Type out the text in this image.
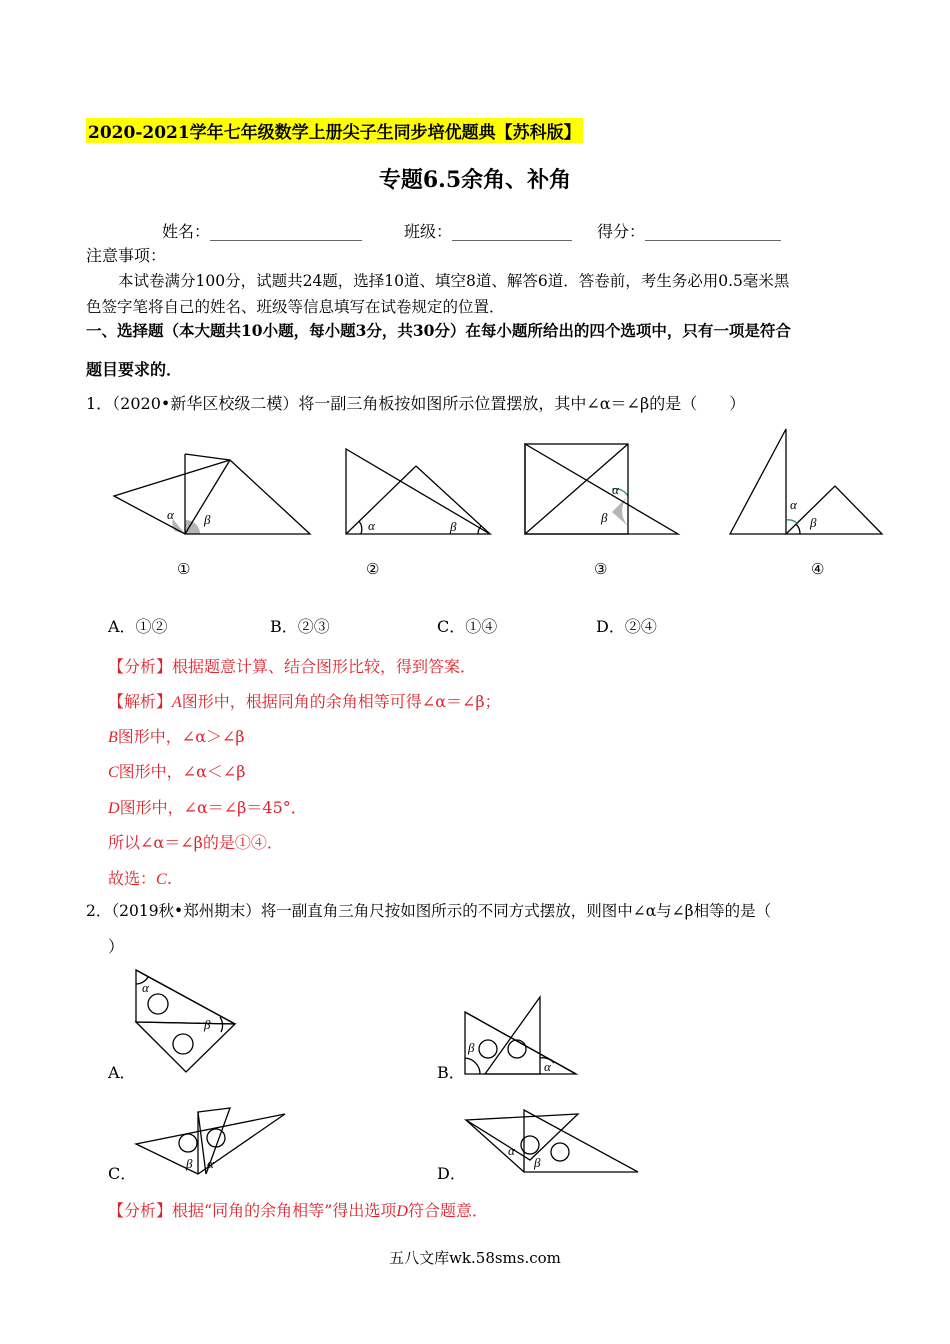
2020-2021学年七年级数学上册尖子生同步培优题典【苏科版】
专题6.5余角、补角
姓名：___________________	班级：_______________ 得分：_________________
注意事项：
本试卷满分100分，试题共24题，选择10道、填空8道、解答6道．答卷前，考生务必用0.5毫米黑
色签字笔将自己的姓名、班级等信息填写在试卷规定的位置．
一、选择题（本大题共10小题，每小题3分，共30分）在每小题所给出的四个选项中，只有一项是符合
题目要求的．
1．（2020•新华区校级二模）将一副三角板按如图所示位置摆放，其中∠α＝∠β的是（　　）
α β	α	β
α
β
α
β
①	②	③	④
A．①②	B．②③	C．①④	D．②④
【分析】根据题意计算、结合图形比较，得到答案．
【解析】A图形中，根据同角的余角相等可得∠α＝∠β；
B图形中，∠α＞∠β
C图形中，∠α＜∠β
D图形中，∠α＝∠β＝45°．
所以∠α＝∠β的是①④．
故选：C．
2．（2019秋•郑州期末）将一副直角三角尺按如图所示的不同方式摆放，则图中∠α与∠β相等的是（
）
α
β
β
α
β α
α
β
A．	B．
C．	D．
【分析】根据“同角的余角相等”得出选项D符合题意．
五八文库wk.58sms.com
